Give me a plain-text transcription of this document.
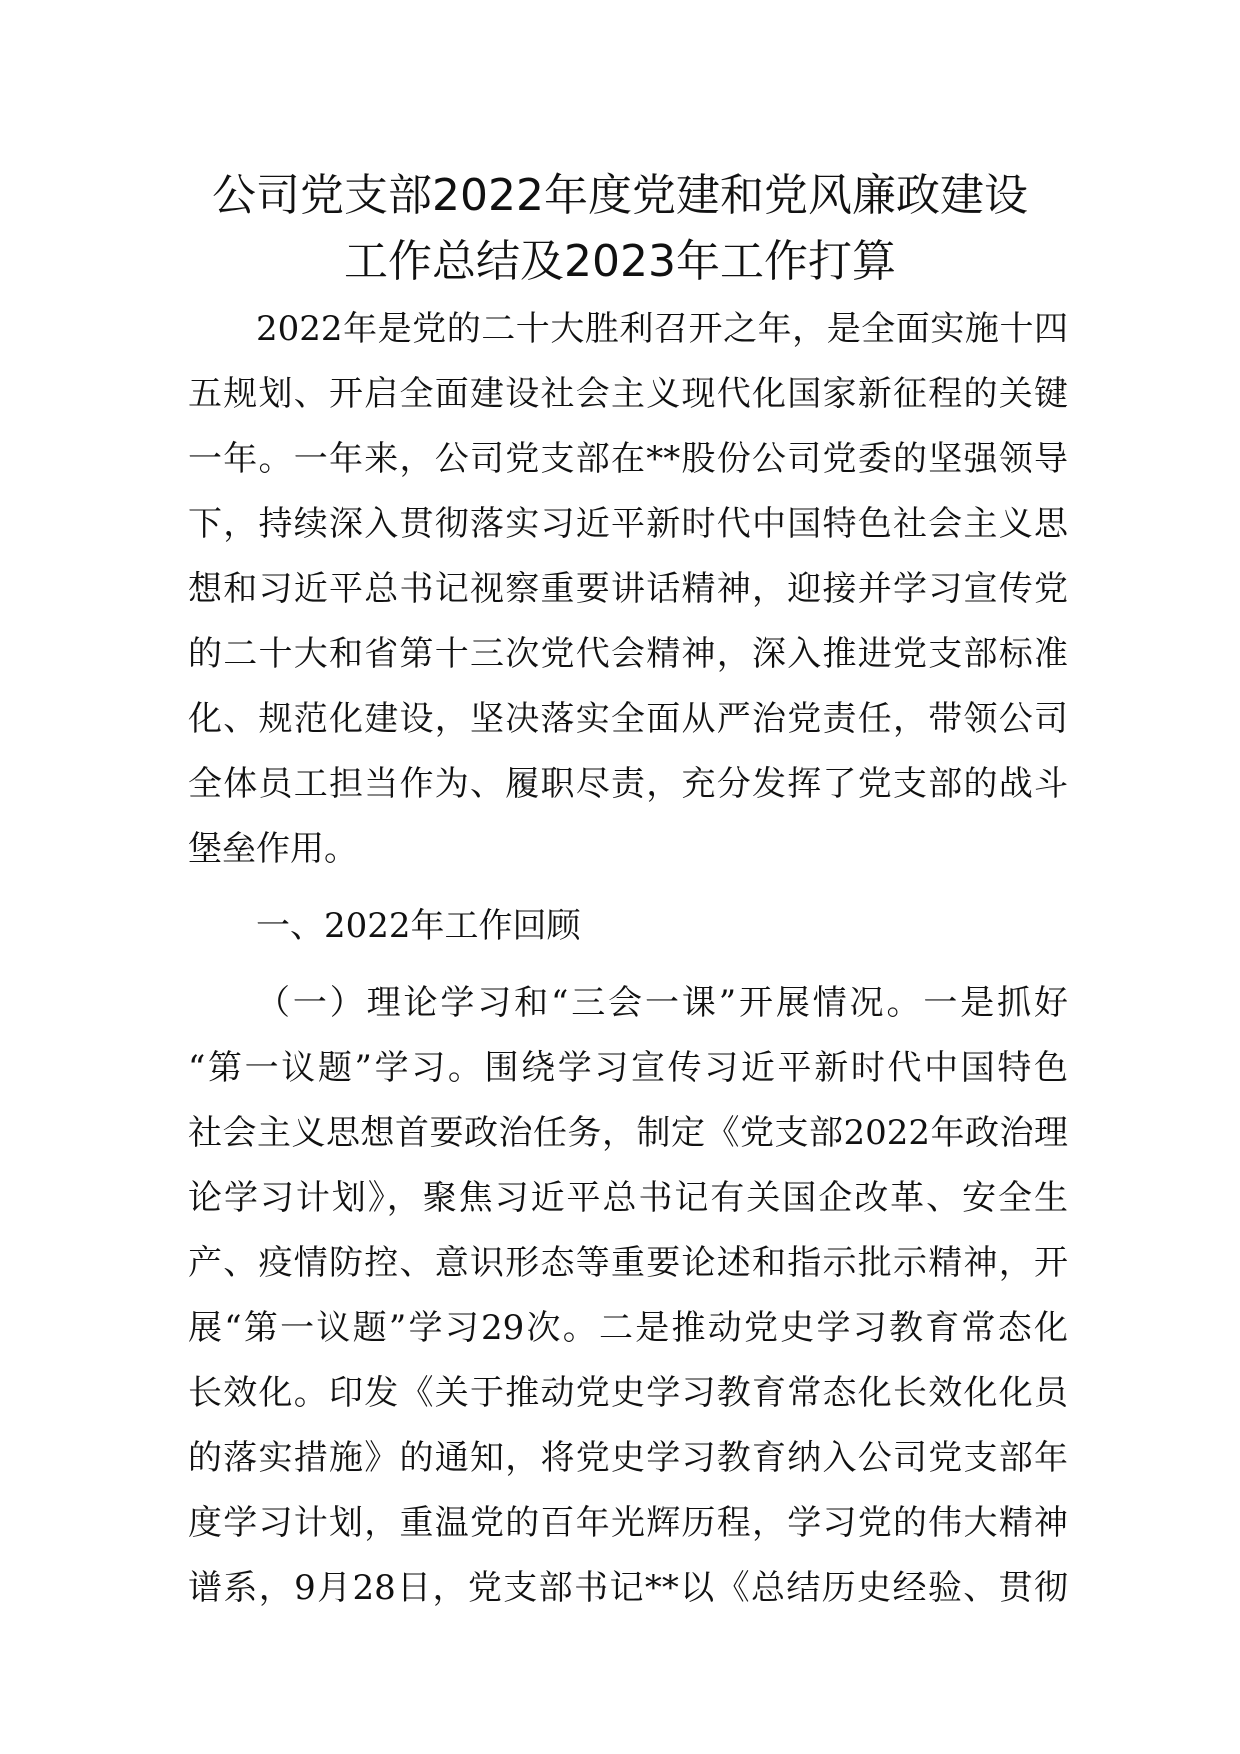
公司党支部2022年度党建和党风廉政建设
工作总结及2023年工作打算
2022年是党的二十大胜利召开之年，是全面实施十四
五规划、开启全面建设社会主义现代化国家新征程的关键
一年。一年来，公司党支部在**股份公司党委的坚强领导
下，持续深入贯彻落实习近平新时代中国特色社会主义思
想和习近平总书记视察重要讲话精神，迎接并学习宣传党
的二十大和省第十三次党代会精神，深入推进党支部标准
化、规范化建设，坚决落实全面从严治党责任，带领公司
全体员工担当作为、履职尽责，充分发挥了党支部的战斗
堡垒作用。
一、2022年工作回顾
（一）理论学习和“三会一课”开展情况。一是抓好
“第一议题”学习。围绕学习宣传习近平新时代中国特色
社会主义思想首要政治任务，制定《党支部2022年政治理
论学习计划》，聚焦习近平总书记有关国企改革、安全生
产、疫情防控、意识形态等重要论述和指示批示精神，开
展“第一议题”学习29次。二是推动党史学习教育常态化
长效化。印发《关于推动党史学习教育常态化长效化化员
的落实措施》的通知，将党史学习教育纳入公司党支部年
度学习计划，重温党的百年光辉历程，学习党的伟大精神
谱系，9月28日，党支部书记**以《总结历史经验、贯彻
